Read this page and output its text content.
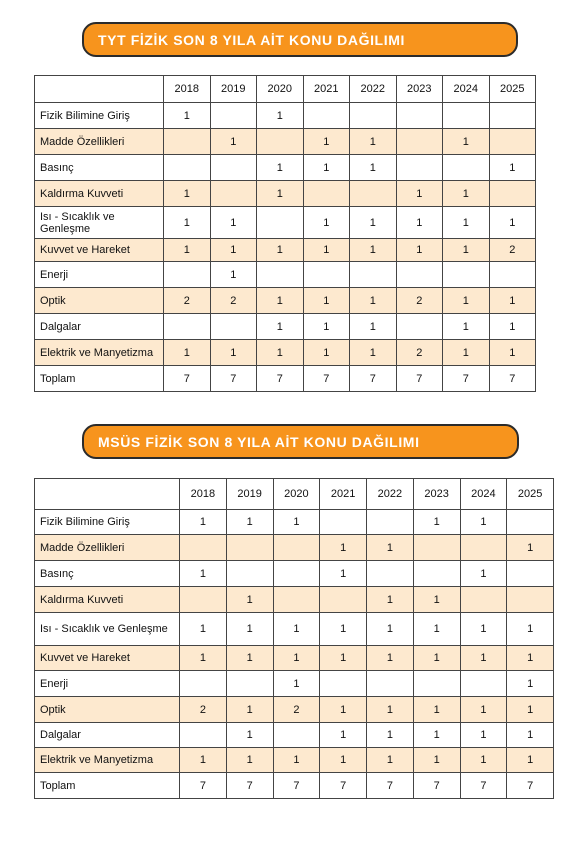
TYT FİZİK SON 8 YILA AİT KONU DAĞILIMI
	2018	2019	2020	2021	2022	2023	2024	2025
Fizik Bilimine Giriş	1		1					
Madde Özellikleri		1		1	1		1	
Basınç			1	1	1			1
Kaldırma Kuvveti	1		1			1	1	
Isı - Sıcaklık ve Genleşme	1	1		1	1	1	1	1
Kuvvet ve Hareket	1	1	1	1	1	1	1	2
Enerji		1						
Optik	2	2	1	1	1	2	1	1
Dalgalar			1	1	1		1	1
Elektrik ve Manyetizma	1	1	1	1	1	2	1	1
Toplam	7	7	7	7	7	7	7	7
MSÜS FİZİK SON 8 YILA AİT KONU DAĞILIMI
	2018	2019	2020	2021	2022	2023	2024	2025
Fizik Bilimine Giriş	1	1	1			1	1	
Madde Özellikleri				1	1			1
Basınç	1			1			1	
Kaldırma Kuvveti		1			1	1		
Isı - Sıcaklık ve Genleşme	1	1	1	1	1	1	1	1
Kuvvet ve Hareket	1	1	1	1	1	1	1	1
Enerji			1					1
Optik	2	1	2	1	1	1	1	1
Dalgalar		1		1	1	1	1	1
Elektrik ve Manyetizma	1	1	1	1	1	1	1	1
Toplam	7	7	7	7	7	7	7	7
